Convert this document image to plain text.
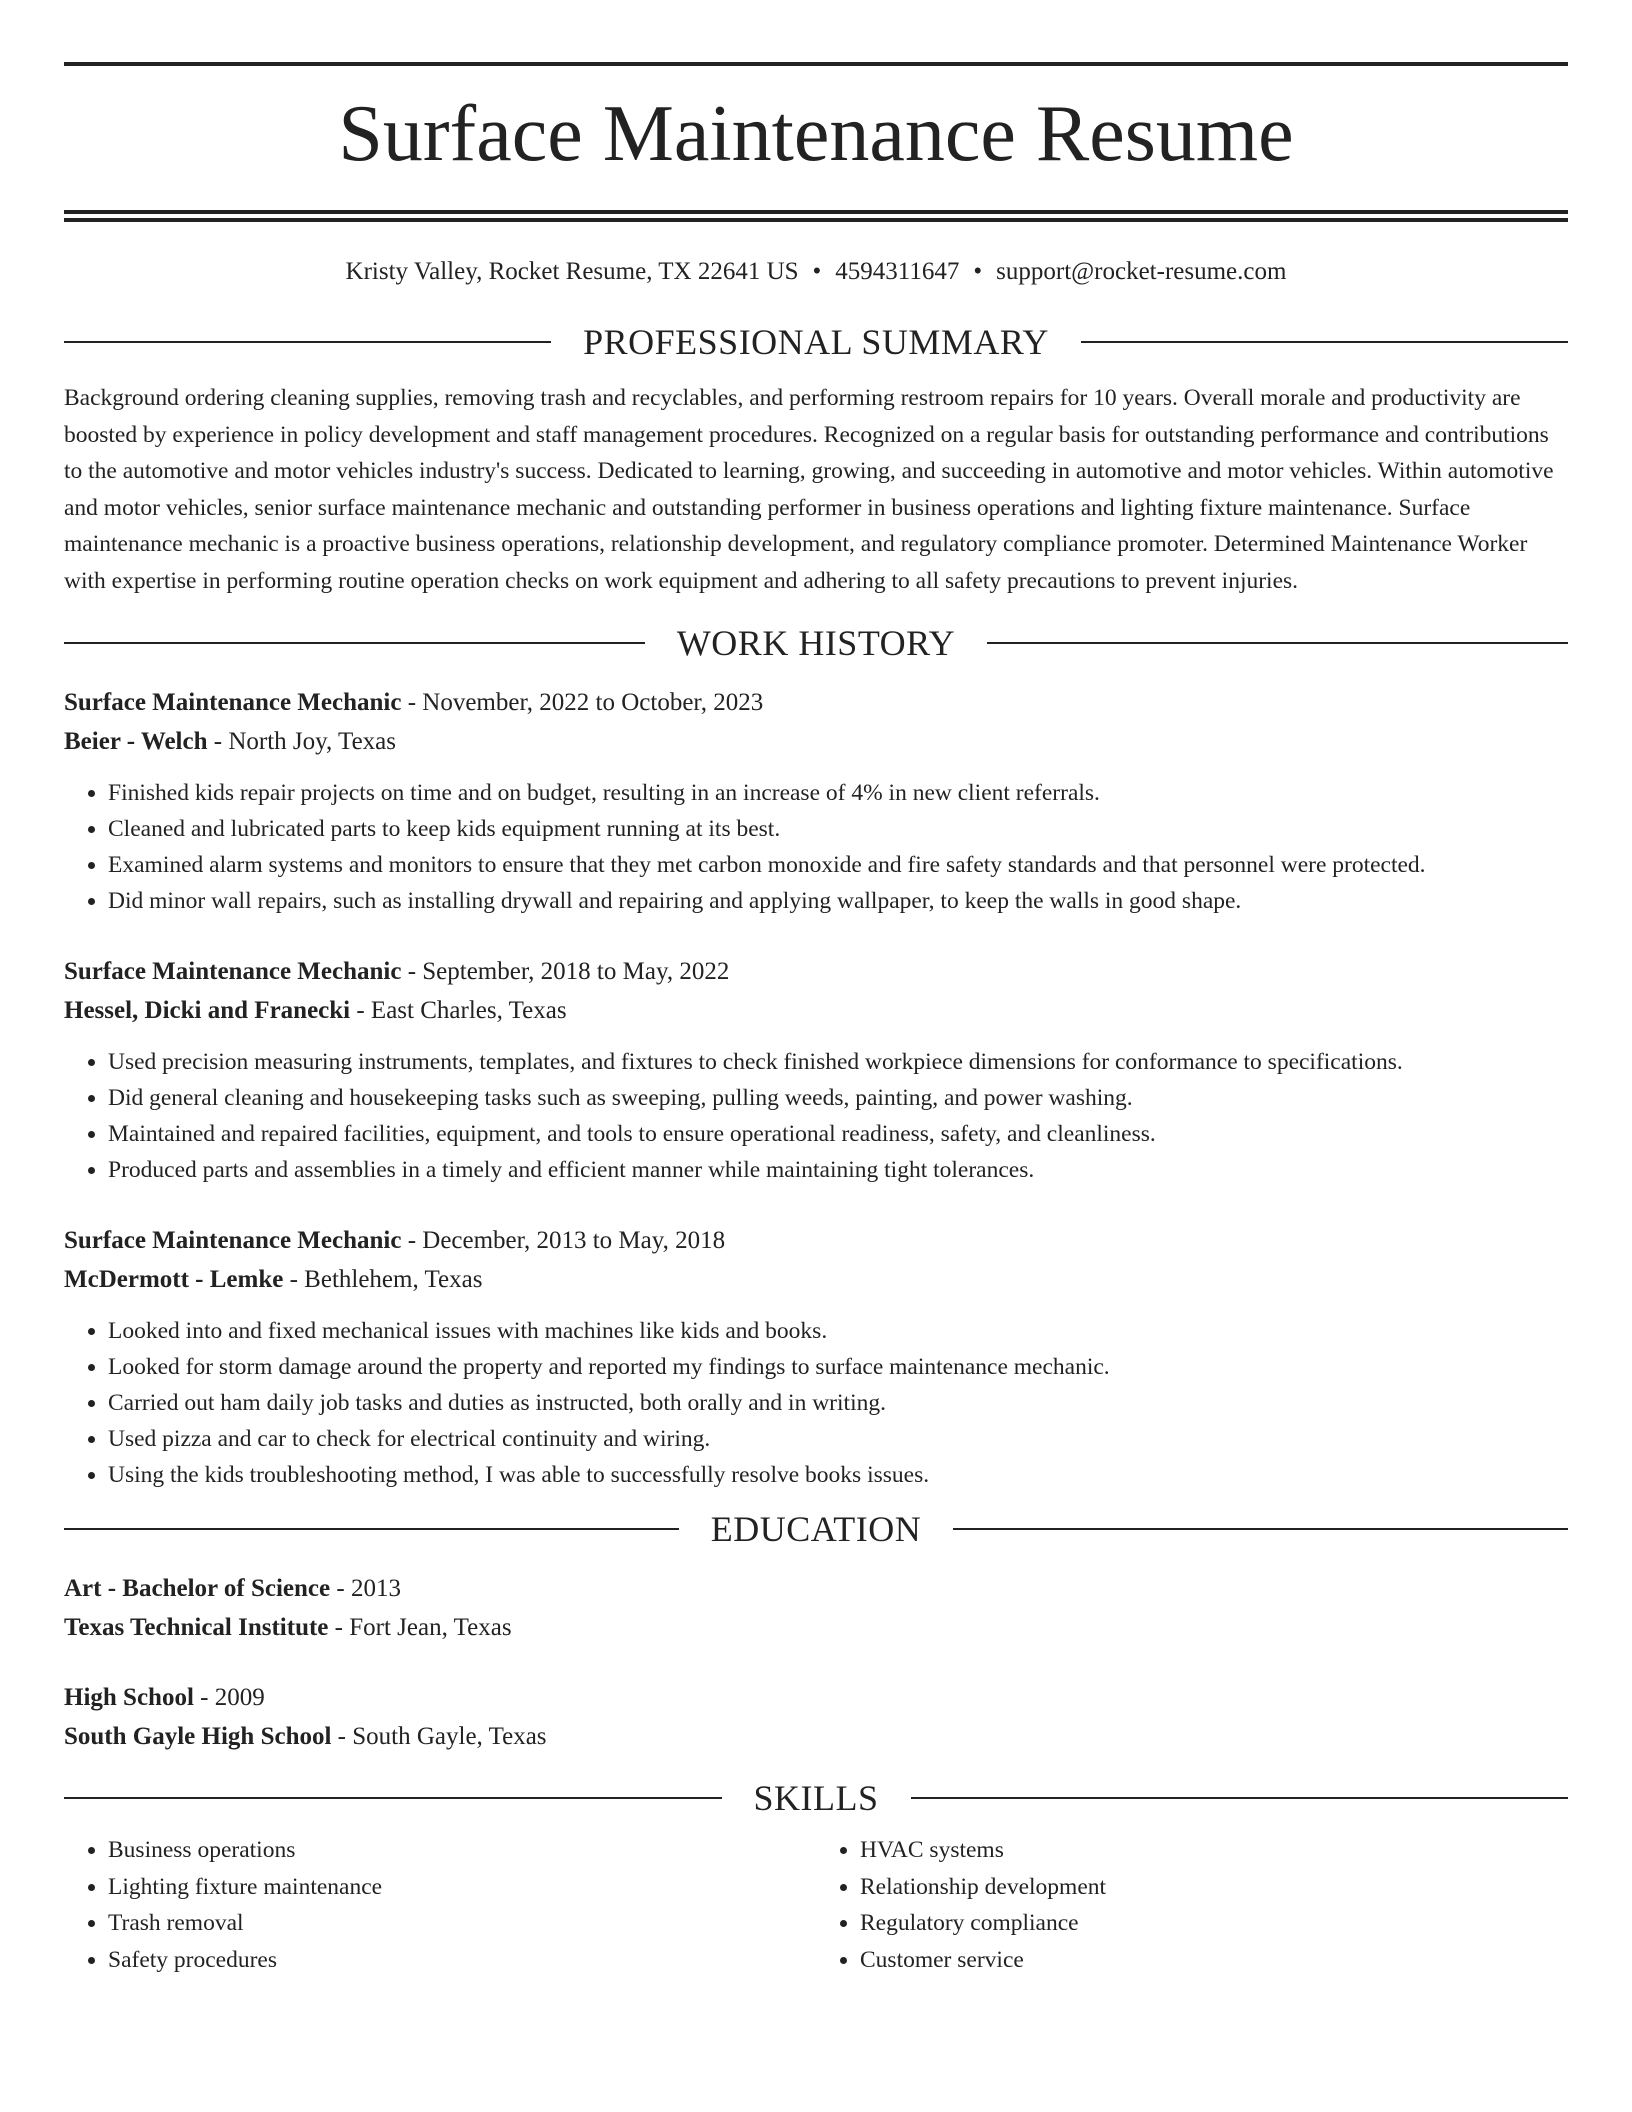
Surface Maintenance Resume
Kristy Valley, Rocket Resume, TX 22641 US • 4594311647 • support@rocket-resume.com
PROFESSIONAL SUMMARY

Background ordering cleaning supplies, removing trash and recyclables, and performing restroom repairs for 10 years. Overall morale and productivity are boosted by experience in policy development and staff management procedures. Recognized on a regular basis for outstanding performance and contributions to the automotive and motor vehicles industry's success. Dedicated to learning, growing, and succeeding in automotive and motor vehicles. Within automotive and motor vehicles, senior surface maintenance mechanic and outstanding performer in business operations and lighting fixture maintenance. Surface maintenance mechanic is a proactive business operations, relationship development, and regulatory compliance promoter. Determined Maintenance Worker with expertise in performing routine operation checks on work equipment and adhering to all safety precautions to prevent injuries.

WORK HISTORY
Surface Maintenance Mechanic - November, 2022 to October, 2023
Beier - Welch - North Joy, Texas
• Finished kids repair projects on time and on budget, resulting in an increase of 4% in new client referrals.
• Cleaned and lubricated parts to keep kids equipment running at its best.
• Examined alarm systems and monitors to ensure that they met carbon monoxide and fire safety standards and that personnel were protected.
• Did minor wall repairs, such as installing drywall and repairing and applying wallpaper, to keep the walls in good shape.
Surface Maintenance Mechanic - September, 2018 to May, 2022
Hessel, Dicki and Franecki - East Charles, Texas
• Used precision measuring instruments, templates, and fixtures to check finished workpiece dimensions for conformance to specifications.
• Did general cleaning and housekeeping tasks such as sweeping, pulling weeds, painting, and power washing.
• Maintained and repaired facilities, equipment, and tools to ensure operational readiness, safety, and cleanliness.
• Produced parts and assemblies in a timely and efficient manner while maintaining tight tolerances.
Surface Maintenance Mechanic - December, 2013 to May, 2018
McDermott - Lemke - Bethlehem, Texas
• Looked into and fixed mechanical issues with machines like kids and books.
• Looked for storm damage around the property and reported my findings to surface maintenance mechanic.
• Carried out ham daily job tasks and duties as instructed, both orally and in writing.
• Used pizza and car to check for electrical continuity and wiring.
• Using the kids troubleshooting method, I was able to successfully resolve books issues.
EDUCATION
Art - Bachelor of Science - 2013
Texas Technical Institute - Fort Jean, Texas
High School - 2009
South Gayle High School - South Gayle, Texas
SKILLS
• Business operations
• Lighting fixture maintenance
• Trash removal
• Safety procedures
• HVAC systems
• Relationship development
• Regulatory compliance
• Customer service
